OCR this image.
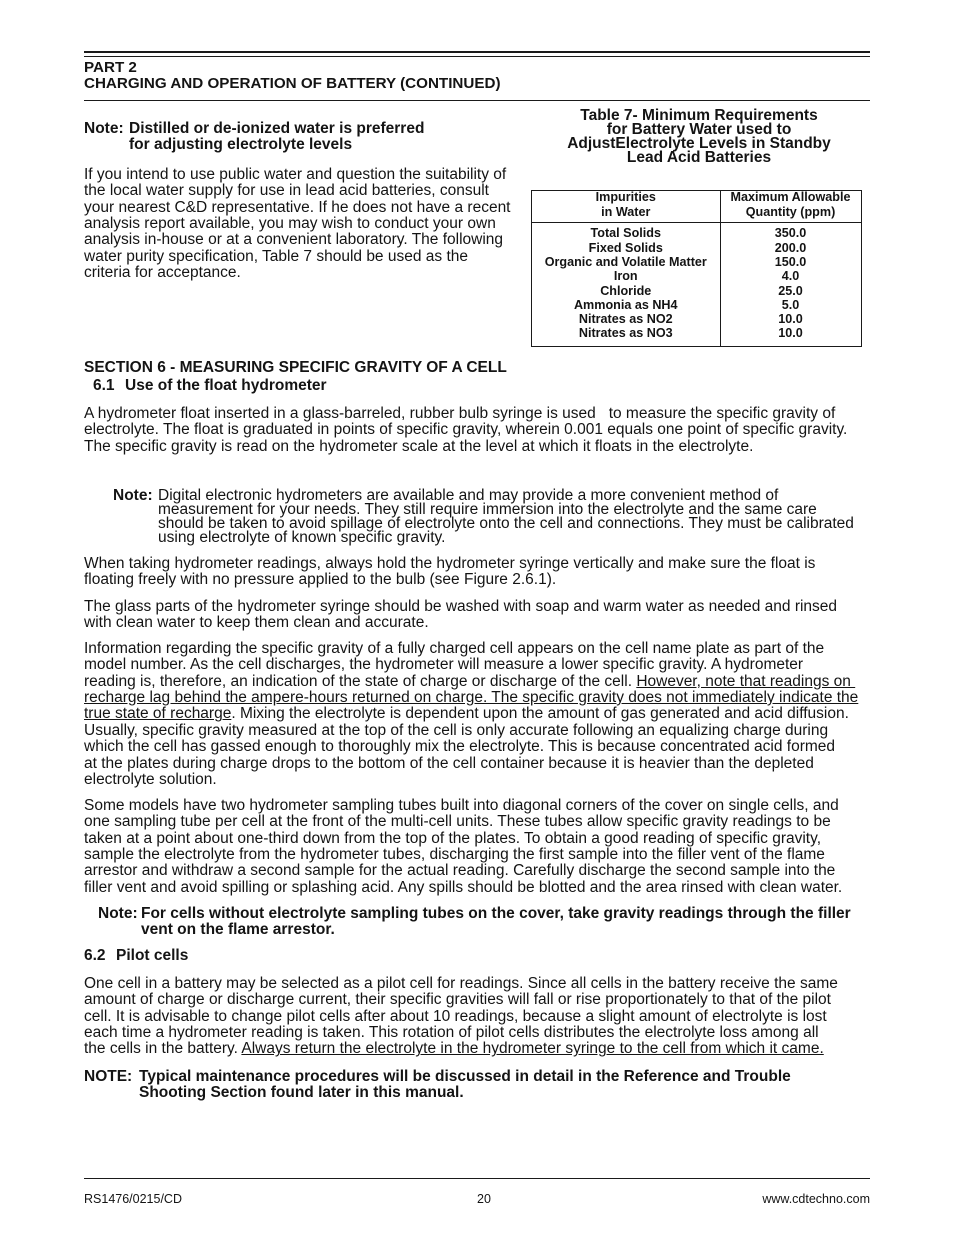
PART 2
CHARGING AND OPERATION OF BATTERY (CONTINUED)
Note: Distilled or de-ionized water is preferred
for adjusting electrolyte levels
If you intend to use public water and question the suitability of
the local water supply for use in lead acid batteries, consult
your nearest C&D representative. If he does not have a recent
analysis report available, you may wish to conduct your own
analysis in-house or at a convenient laboratory. The following
water purity specification, Table 7 should be used as the
criteria for acceptance.
Table 7- Minimum Requirements
for Battery Water used to
AdjustElectrolyte Levels in Standby
Lead Acid Batteries
Impurities
in Water
Maximum Allowable
Quantity (ppm)
Total Solids	350.0
Fixed Solids	200.0
Organic and Volatile Matter	150.0
Iron	4.0
Chloride	25.0
Ammonia as NH4	5.0
Nitrates as NO2	10.0
Nitrates as NO3	10.0
SECTION 6 - MEASURING SPECIFIC GRAVITY OF A CELL
6.1 Use of the float hydrometer
A hydrometer float inserted in a glass-barreled, rubber bulb syringe is used   to measure the specific gravity of
electrolyte. The float is graduated in points of specific gravity, wherein 0.001 equals one point of specific gravity.
The specific gravity is read on the hydrometer scale at the level at which it floats in the electrolyte.
Note: Digital electronic hydrometers are available and may provide a more convenient method of
measurement for your needs. They still require immersion into the electrolyte and the same care
should be taken to avoid spillage of electrolyte onto the cell and connections. They must be calibrated
using electrolyte of known specific gravity.
When taking hydrometer readings, always hold the hydrometer syringe vertically and make sure the float is
floating freely with no pressure applied to the bulb (see Figure 2.6.1).
The glass parts of the hydrometer syringe should be washed with soap and warm water as needed and rinsed
with clean water to keep them clean and accurate.
Information regarding the specific gravity of a fully charged cell appears on the cell name plate as part of the
model number. As the cell discharges, the hydrometer will measure a lower specific gravity. A hydrometer
reading is, therefore, an indication of the state of charge or discharge of the cell. However, note that readings on
recharge lag behind the ampere-hours returned on charge. The specific gravity does not immediately indicate the
true state of recharge. Mixing the electrolyte is dependent upon the amount of gas generated and acid diffusion.
Usually, specific gravity measured at the top of the cell is only accurate following an equalizing charge during
which the cell has gassed enough to thoroughly mix the electrolyte. This is because concentrated acid formed
at the plates during charge drops to the bottom of the cell container because it is heavier than the depleted
electrolyte solution.
Some models have two hydrometer sampling tubes built into diagonal corners of the cover on single cells, and
one sampling tube per cell at the front of the multi-cell units. These tubes allow specific gravity readings to be
taken at a point about one-third down from the top of the plates. To obtain a good reading of specific gravity,
sample the electrolyte from the hydrometer tubes, discharging the first sample into the filler vent of the flame
arrestor and withdraw a second sample for the actual reading. Carefully discharge the second sample into the
filler vent and avoid spilling or splashing acid. Any spills should be blotted and the area rinsed with clean water.
Note: For cells without electrolyte sampling tubes on the cover, take gravity readings through the filler
vent on the flame arrestor.
6.2 Pilot cells
One cell in a battery may be selected as a pilot cell for readings. Since all cells in the battery receive the same
amount of charge or discharge current, their specific gravities will fall or rise proportionately to that of the pilot
cell. It is advisable to change pilot cells after about 10 readings, because a slight amount of electrolyte is lost
each time a hydrometer reading is taken. This rotation of pilot cells distributes the electrolyte loss among all
the cells in the battery. Always return the electrolyte in the hydrometer syringe to the cell from which it came.
NOTE: Typical maintenance procedures will be discussed in detail in the Reference and Trouble
Shooting Section found later in this manual.
RS1476/0215/CD	20	www.cdtechno.com
